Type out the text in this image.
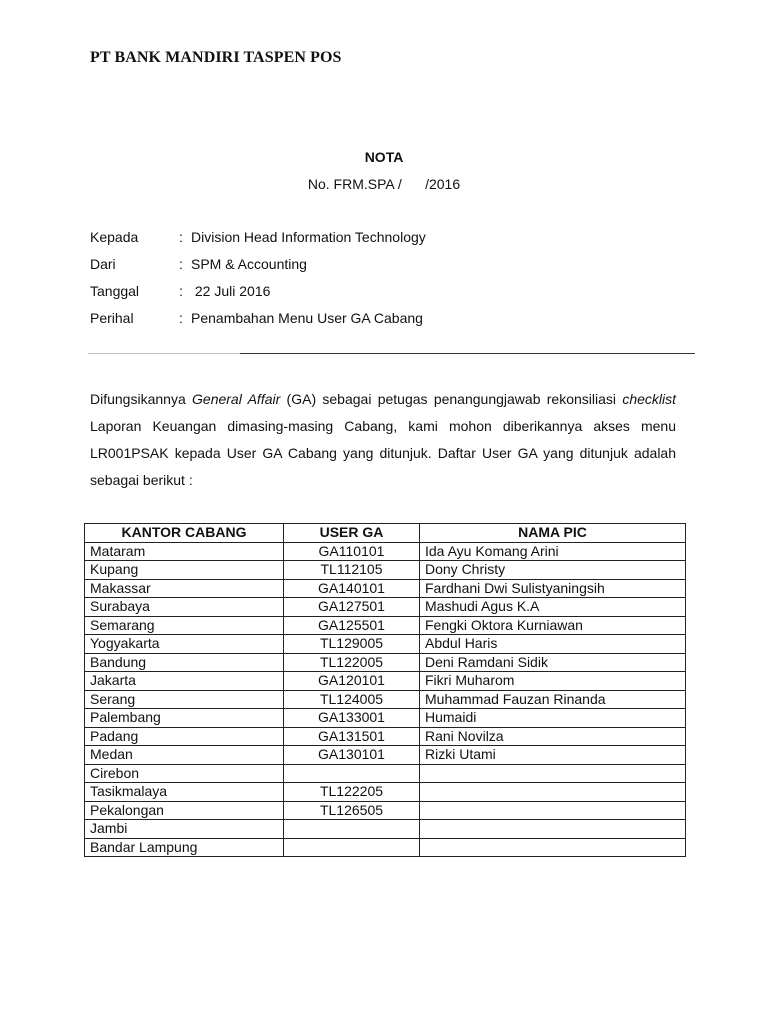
PT BANK MANDIRI TASPEN POS
NOTA
No. FRM.SPA /      /2016
Kepada	: Division Head Information Technology
Dari	: SPM & Accounting
Tanggal	: 22 Juli 2016
Perihal	: Penambahan Menu User GA Cabang
Difungsikannya General Affair (GA) sebagai petugas penangungjawab rekonsiliasi checklist Laporan Keuangan dimasing-masing Cabang, kami mohon diberikannya akses menu LR001PSAK kepada User GA Cabang yang ditunjuk. Daftar User GA yang ditunjuk adalah sebagai berikut :
KANTOR CABANG	USER GA	NAMA PIC
Mataram	GA110101	Ida Ayu Komang Arini
Kupang	TL112105	Dony Christy
Makassar	GA140101	Fardhani Dwi Sulistyaningsih
Surabaya	GA127501	Mashudi Agus K.A
Semarang	GA125501	Fengki Oktora Kurniawan
Yogyakarta	TL129005	Abdul Haris
Bandung	TL122005	Deni Ramdani Sidik
Jakarta	GA120101	Fikri Muharom
Serang	TL124005	Muhammad Fauzan Rinanda
Palembang	GA133001	Humaidi
Padang	GA131501	Rani Novilza
Medan	GA130101	Rizki Utami
Cirebon		
Tasikmalaya	TL122205	
Pekalongan	TL126505	
Jambi		
Bandar Lampung		
